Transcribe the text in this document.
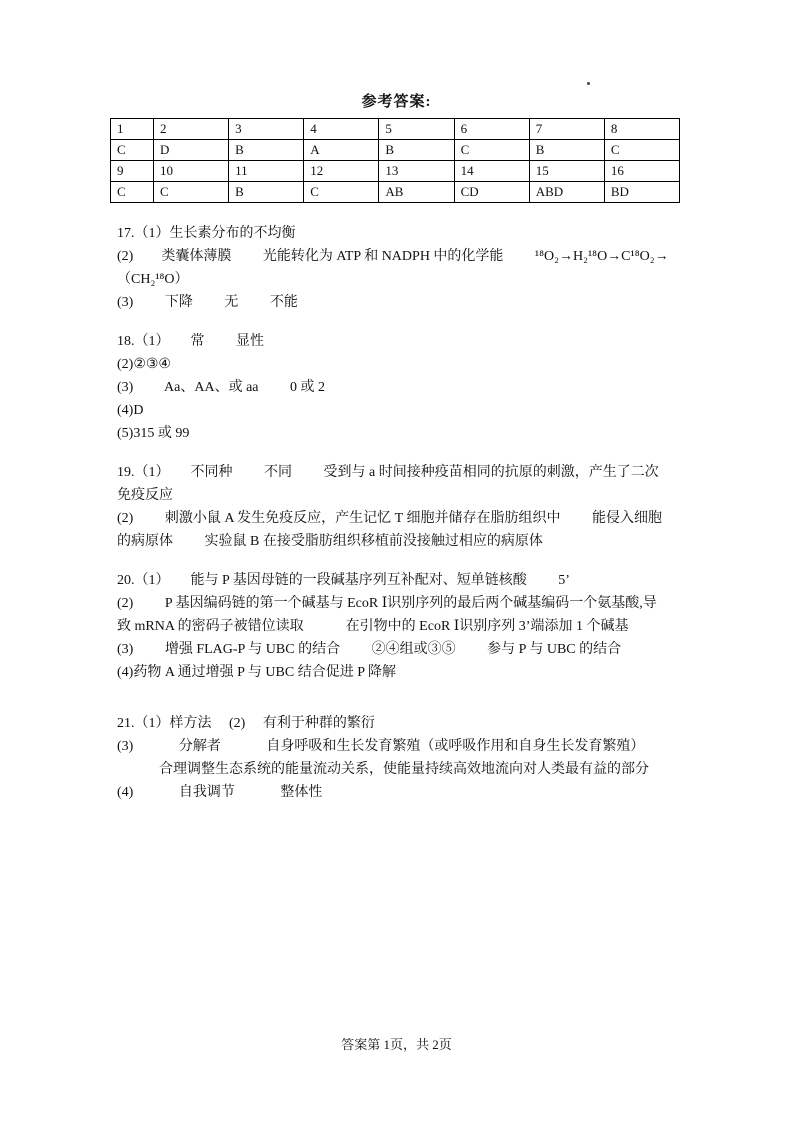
参考答案:
1	2	3	4	5	6	7	8
C	D	B	A	B	C	B	C
9	10	11	12	13	14	15	16
C	C	B	C	AB	CD	ABD	BD

17.（1）生长素分布的不均衡

(2)　　类囊体薄膜　　 光能转化为 ATP 和 NADPH 中的化学能　　 ¹⁸O₂→H₂¹⁸O→C¹⁸O₂→

（CH₂¹⁸O）

(3)　　 下降　　 无　　 不能

18.（1）　　常　　 显性

(2)②③④

(3)　　 Aa、AA、或 aa　　 0 或 2

(4)D

(5)315 或 99

19.（1）　　不同种　　 不同　　 受到与 a 时间接种疫苗相同的抗原的刺激，产生了二次

免疫反应

(2)　　 刺激小鼠 A 发生免疫反应，产生记忆 T 细胞并储存在脂肪组织中　　 能侵入细胞

的病原体　　 实验鼠 B 在接受脂肪组织移植前没接触过相应的病原体

20.（1）　　能与 P 基因母链的一段碱基序列互补配对、短单链核酸　　 5’

(2)　　 P 基因编码链的第一个碱基与 EcoR Ⅰ识别序列的最后两个碱基编码一个氨基酸,导

致 mRNA 的密码子被错位读取　　　在引物中的 EcoR Ⅰ识别序列 3’端添加 1 个碱基

(3)　　 增强 FLAG-P 与 UBC 的结合　　 ②④组或③⑤　　 参与 P 与 UBC 的结合

(4)药物 A 通过增强 P 与 UBC 结合促进 P 降解

21.（1）样方法　 (2)　 有利于种群的繁衍

(3)　　　 分解者　　　 自身呼吸和生长发育繁殖（或呼吸作用和自身生长发育繁殖）

　　　合理调整生态系统的能量流动关系，使能量持续高效地流向对人类最有益的部分

(4)　　　 自我调节　　　 整体性

答案第 1页，共 2页
